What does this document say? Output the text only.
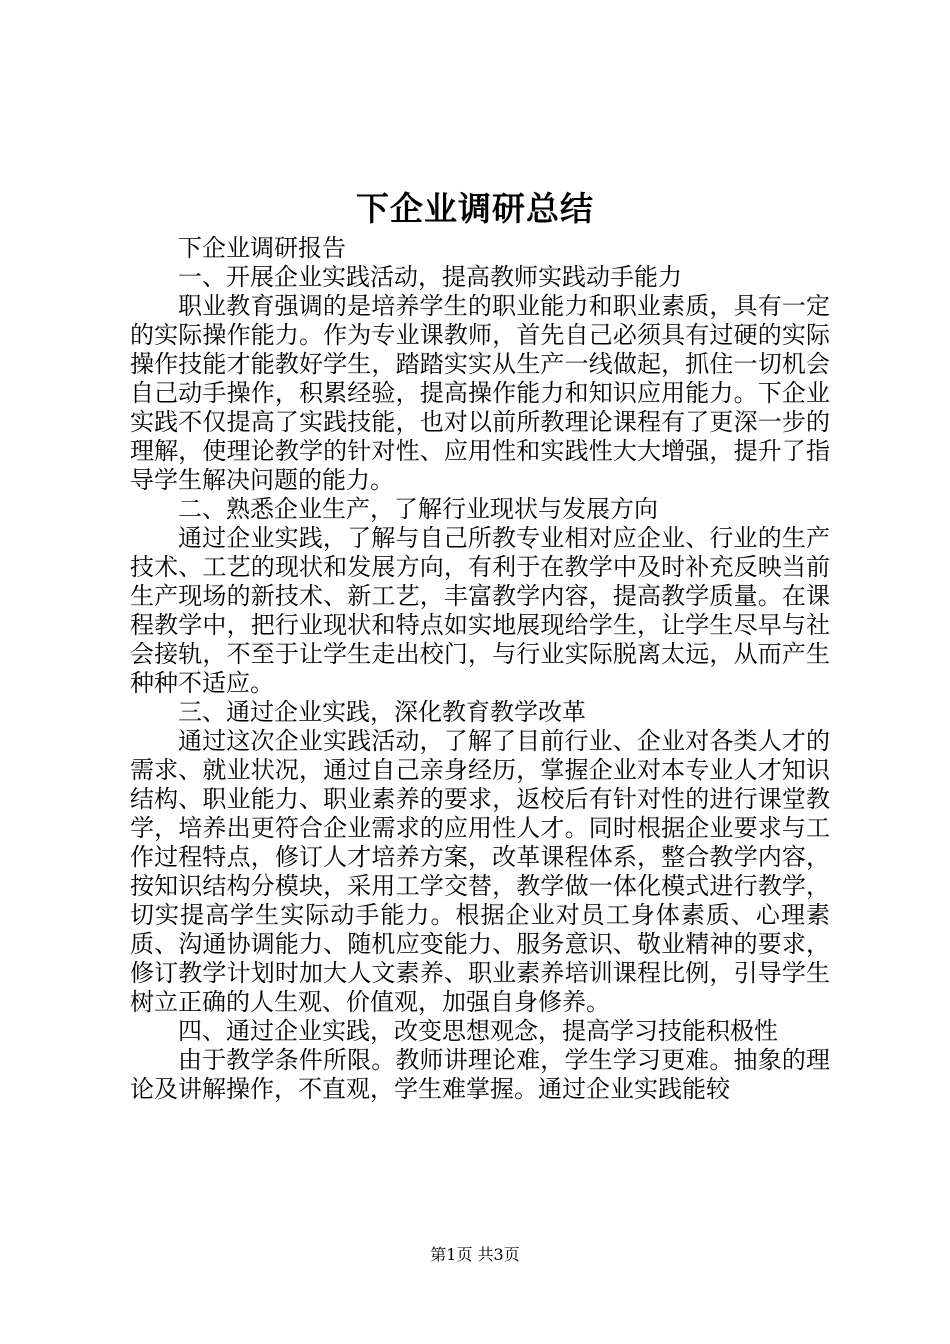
下企业调研总结

下企业调研报告

一、开展企业实践活动，提高教师实践动手能力

职业教育强调的是培养学生的职业能力和职业素质，具有一定的实际操作能力。作为专业课教师，首先自己必须具有过硬的实际操作技能才能教好学生，踏踏实实从生产一线做起，抓住一切机会自己动手操作，积累经验，提高操作能力和知识应用能力。下企业实践不仅提高了实践技能，也对以前所教理论课程有了更深一步的理解，使理论教学的针对性、应用性和实践性大大增强，提升了指导学生解决问题的能力。

二、熟悉企业生产，了解行业现状与发展方向

通过企业实践，了解与自己所教专业相对应企业、行业的生产技术、工艺的现状和发展方向，有利于在教学中及时补充反映当前生产现场的新技术、新工艺，丰富教学内容，提高教学质量。在课程教学中，把行业现状和特点如实地展现给学生，让学生尽早与社会接轨，不至于让学生走出校门，与行业实际脱离太远，从而产生种种不适应。

三、通过企业实践，深化教育教学改革

通过这次企业实践活动，了解了目前行业、企业对各类人才的需求、就业状况，通过自己亲身经历，掌握企业对本专业人才知识结构、职业能力、职业素养的要求，返校后有针对性的进行课堂教学，培养出更符合企业需求的应用性人才。同时根据企业要求与工作过程特点，修订人才培养方案，改革课程体系，整合教学内容，按知识结构分模块，采用工学交替，教学做一体化模式进行教学，切实提高学生实际动手能力。根据企业对员工身体素质、心理素质、沟通协调能力、随机应变能力、服务意识、敬业精神的要求，修订教学计划时加大人文素养、职业素养培训课程比例，引导学生树立正确的人生观、价值观，加强自身修养。

四、通过企业实践，改变思想观念，提高学习技能积极性

由于教学条件所限。教师讲理论难，学生学习更难。抽象的理论及讲解操作，不直观，学生难掌握。通过企业实践能较

第1页 共3页
